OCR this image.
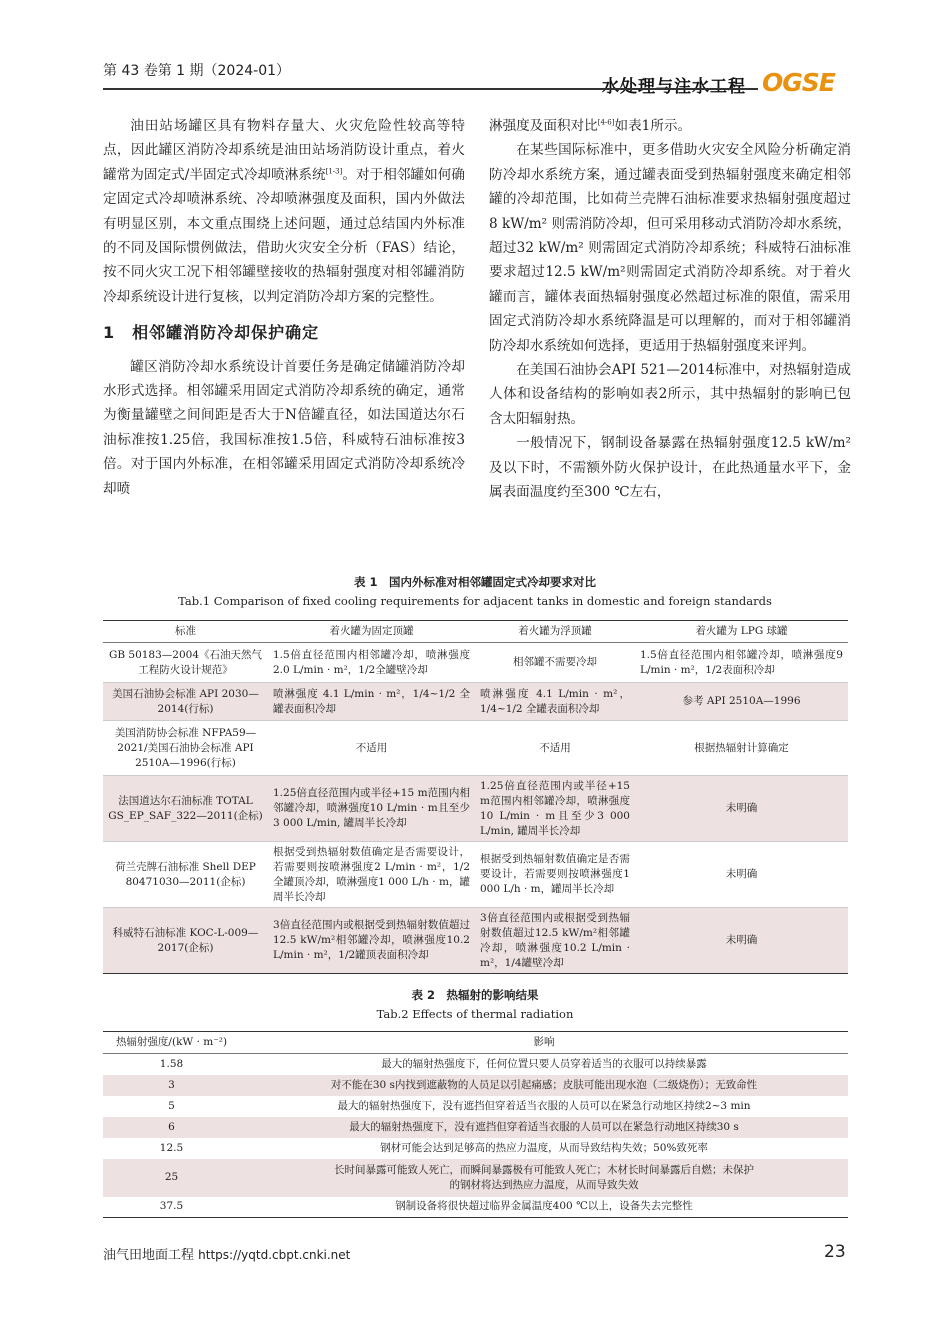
第 43 卷第 1 期（2024-01）
水处理与注水工程 OGSE

油田站场罐区具有物料存量大、火灾危险性较高等特点，因此罐区消防冷却系统是油田站场消防设计重点，着火罐常为固定式/半固定式冷却喷淋系统[1-3]。对于相邻罐如何确定固定式冷却喷淋系统、冷却喷淋强度及面积，国内外做法有明显区别，本文重点围绕上述问题，通过总结国内外标准的不同及国际惯例做法，借助火灾安全分析（FAS）结论，按不同火灾工况下相邻罐壁接收的热辐射强度对相邻罐消防冷却系统设计进行复核，以判定消防冷却方案的完整性。

1　相邻罐消防冷却保护确定

罐区消防冷却水系统设计首要任务是确定储罐消防冷却水形式选择。相邻罐采用固定式消防冷却系统的确定，通常为衡量罐壁之间间距是否大于N倍罐直径，如法国道达尔石油标准按1.25倍，我国标准按1.5倍，科威特石油标准按3倍。对于国内外标准，在相邻罐采用固定式消防冷却系统冷却喷

淋强度及面积对比[4-6]如表1所示。

在某些国际标准中，更多借助火灾安全风险分析确定消防冷却水系统方案，通过罐表面受到热辐射强度来确定相邻罐的冷却范围，比如荷兰壳牌石油标准要求热辐射强度超过 8 kW/m² 则需消防冷却，但可采用移动式消防冷却水系统，超过32 kW/m² 则需固定式消防冷却系统；科威特石油标准要求超过12.5 kW/m²则需固定式消防冷却系统。对于着火罐而言，罐体表面热辐射强度必然超过标准的限值，需采用固定式消防冷却水系统降温是可以理解的，而对于相邻罐消防冷却水系统如何选择，更适用于热辐射强度来评判。

在美国石油协会API 521—2014标准中，对热辐射造成人体和设备结构的影响如表2所示，其中热辐射的影响已包含太阳辐射热。

一般情况下，钢制设备暴露在热辐射强度12.5 kW/m²及以下时，不需额外防火保护设计，在此热通量水平下，金属表面温度约至300 ℃左右，

表 1　国内外标准对相邻罐固定式冷却要求对比
Tab.1 Comparison of fixed cooling requirements for adjacent tanks in domestic and foreign standards
标准	着火罐为固定顶罐	着火罐为浮顶罐	着火罐为 LPG 球罐
GB 50183—2004《石油天然气工程防火设计规范》	1.5倍直径范围内相邻罐冷却，喷淋强度2.0 L/min · m²，1/2全罐壁冷却	相邻罐不需要冷却	1.5倍直径范围内相邻罐冷却，喷淋强度9 L/min · m²，1/2表面积冷却
美国石油协会标准 API 2030—2014(行标)	喷淋强度 4.1 L/min · m²，1/4~1/2 全罐表面积冷却	喷淋强度 4.1 L/min · m²，1/4~1/2 全罐表面积冷却	参考 API 2510A—1996
美国消防协会标准 NFPA59—2021/美国石油协会标准 API 2510A—1996(行标)	不适用	不适用	根据热辐射计算确定
法国道达尔石油标准 TOTAL GS_EP_SAF_322—2011(企标)	1.25倍直径范围内或半径+15 m范围内相邻罐冷却，喷淋强度10 L/min · m且至少3 000 L/min, 罐周半长冷却	1.25倍直径范围内或半径+15 m范围内相邻罐冷却，喷淋强度10 L/min · m且至少3 000 L/min, 罐周半长冷却	未明确
荷兰壳牌石油标准 Shell DEP 80471030—2011(企标)	根据受到热辐射数值确定是否需要设计，若需要则按喷淋强度2 L/min · m²，1/2 全罐顶冷却，喷淋强度1 000 L/h · m，罐周半长冷却	根据受到热辐射数值确定是否需要设计，若需要则按喷淋强度1 000 L/h · m，罐周半长冷却	未明确
科威特石油标准 KOC-L-009—2017(企标)	3倍直径范围内或根据受到热辐射数值超过12.5 kW/m²相邻罐冷却，喷淋强度10.2 L/min · m²，1/2罐顶表面积冷却	3倍直径范围内或根据受到热辐射数值超过12.5 kW/m²相邻罐冷却，喷淋强度10.2 L/min · m²，1/4罐壁冷却	未明确
表 2　热辐射的影响结果
Tab.2 Effects of thermal radiation
热辐射强度/(kW · m⁻²)	影响
1.58	最大的辐射热强度下，任何位置只要人员穿着适当的衣服可以持续暴露
3	对不能在30 s内找到遮蔽物的人员足以引起痛感；皮肤可能出现水泡（二级烧伤）；无致命性
5	最大的辐射热强度下，没有遮挡但穿着适当衣服的人员可以在紧急行动地区持续2~3 min
6	最大的辐射热强度下，没有遮挡但穿着适当衣服的人员可以在紧急行动地区持续30 s
12.5	钢材可能会达到足够高的热应力温度，从而导致结构失效；50%致死率
25	长时间暴露可能致人死亡，而瞬间暴露极有可能致人死亡；木材长时间暴露后自燃；未保护的钢材将达到热应力温度，从而导致失效
37.5	钢制设备将很快超过临界金属温度400 ℃以上，设备失去完整性
油气田地面工程 https://yqtd.cbpt.cnki.net	23
